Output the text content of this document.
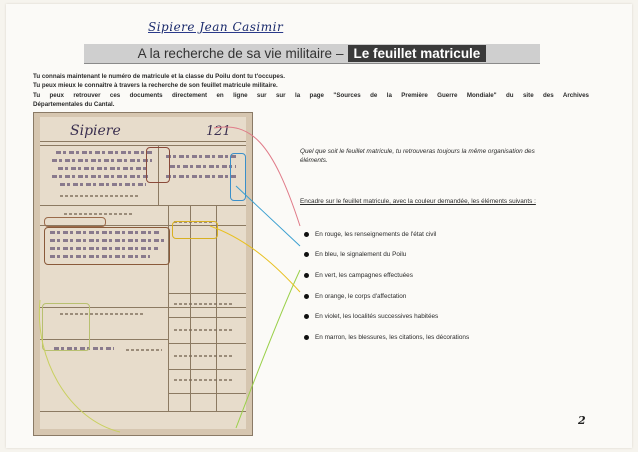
Sipiere Jean Casimir
A la recherche de sa vie militaire – Le feuillet matricule

Tu connais maintenant le numéro de matricule et la classe du Poilu dont tu t'occupes.

Tu peux mieux le connaître à travers la recherche de son feuillet matricule militaire.

Tu peux retrouver ces documents directement en ligne sur sur la page "Sources de la Première Guerre Mondiale" du site des Archives

Départementales du Cantal.

Sipiere	121
Quel que soit le feuillet matricule, tu retrouveras toujours la même organisation des éléments.
Encadre sur le feuillet matricule, avec la couleur demandée, les éléments suivants :
En rouge, les renseignements de l'état civil
En bleu, le signalement du Poilu
En vert, les campagnes effectuées
En orange, le corps d'affectation
En violet, les localités successives habitées
En marron, les blessures, les citations, les décorations
2
